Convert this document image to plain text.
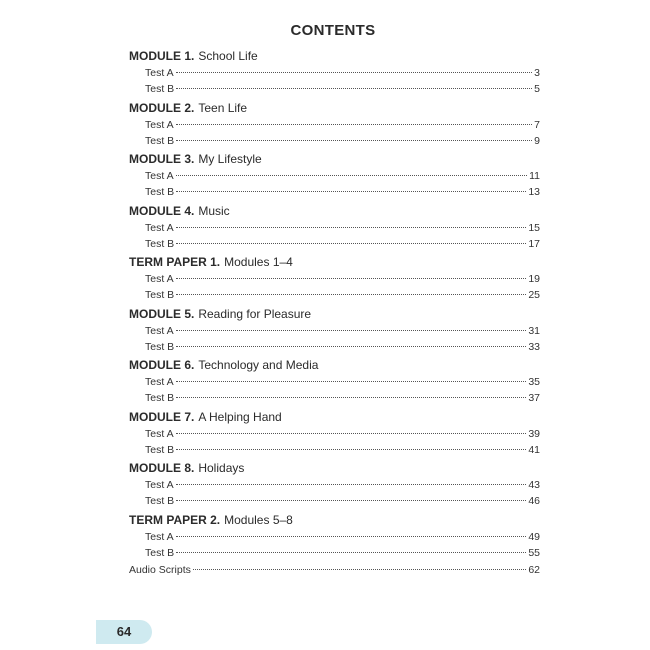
CONTENTS
MODULE 1. School Life
Test A	3
Test B	5
MODULE 2. Teen Life
Test A	7
Test B	9
MODULE 3. My Lifestyle
Test A	11
Test B	13
MODULE 4. Music
Test A	15
Test B	17
TERM PAPER 1. Modules 1–4
Test A	19
Test B	25
MODULE 5. Reading for Pleasure
Test A	31
Test B	33
MODULE 6. Technology and Media
Test A	35
Test B	37
MODULE 7. A Helping Hand
Test A	39
Test B	41
MODULE 8. Holidays
Test A	43
Test B	46
TERM PAPER 2. Modules 5–8
Test A	49
Test B	55
Audio Scripts	62
64
